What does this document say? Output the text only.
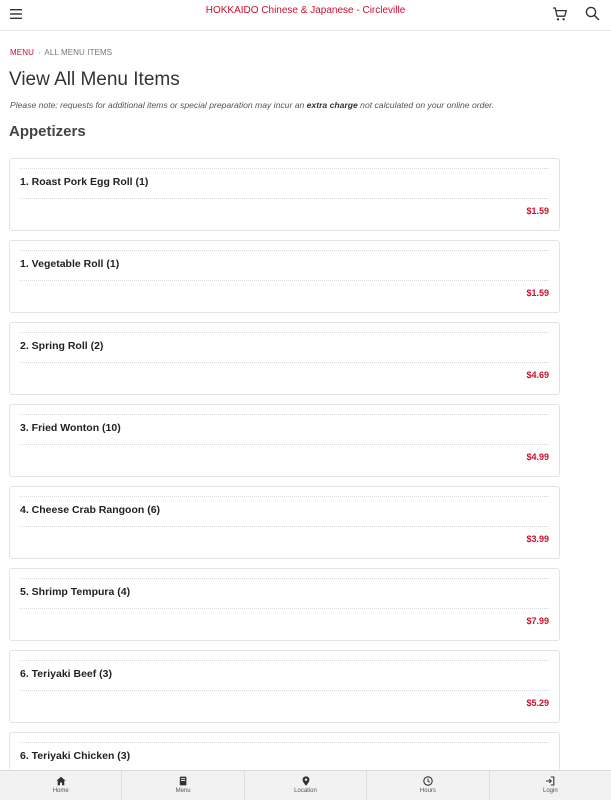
HOKKAIDO Chinese & Japanese - Circleville
MENU › ALL MENU ITEMS
View All Menu Items
Please note: requests for additional items or special preparation may incur an extra charge not calculated on your online order.
Appetizers
1. Roast Pork Egg Roll (1)
$1.59
1. Vegetable Roll (1)
$1.59
2. Spring Roll (2)
$4.69
3. Fried Wonton (10)
$4.99
4. Cheese Crab Rangoon (6)
$3.99
5. Shrimp Tempura (4)
$7.99
6. Teriyaki Beef (3)
$5.29
6. Teriyaki Chicken (3)
Home	Menu	Location	Hours	Login
